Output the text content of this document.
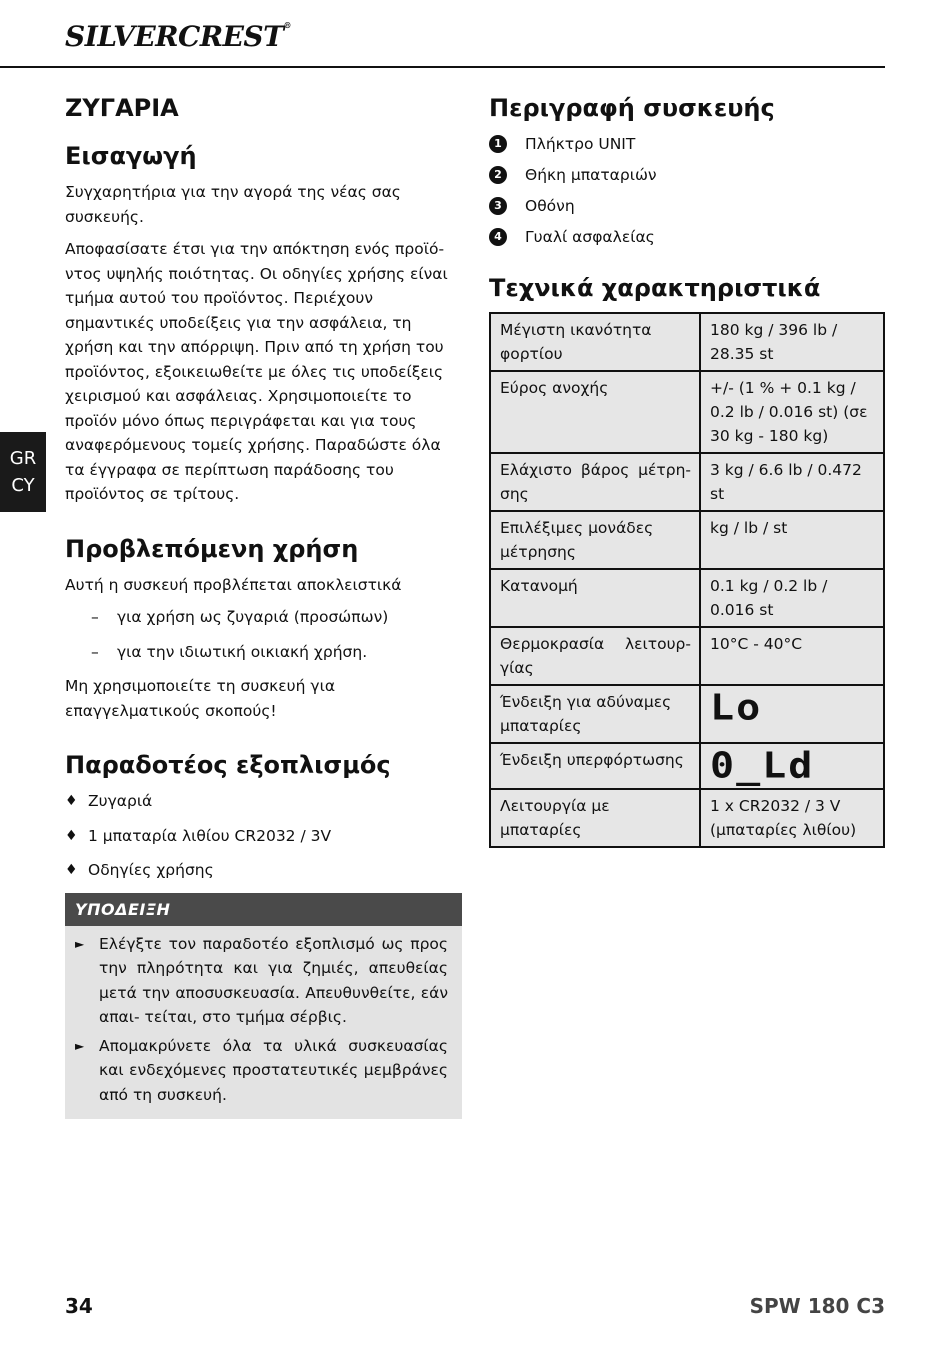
SILVERCREST®
GR
CY
ΖΥΓΑΡΙΑ
Εισαγωγή

Συγχαρητήρια για την αγορά της νέας σας συσκευής.

Αποφασίσατε έτσι για την απόκτηση ενός προϊό- ντος υψηλής ποιότητας. Οι οδηγίες χρήσης είναι τμήμα αυτού του προϊόντος. Περιέχουν σημαντικές υποδείξεις για την ασφάλεια, τη χρήση και την απόρριψη. Πριν από τη χρήση του προϊόντος, εξοικειωθείτε με όλες τις υποδείξεις χειρισμού και ασφάλειας. Χρησιμοποιείτε το προϊόν μόνο όπως περιγράφεται και για τους αναφερόμενους τομείς χρήσης. Παραδώστε όλα τα έγγραφα σε περίπτωση παράδοσης του προϊόντος σε τρίτους.

Προβλεπόμενη χρήση

Αυτή η συσκευή προβλέπεται αποκλειστικά

– για χρήση ως ζυγαριά (προσώπων)
– για την ιδιωτική οικιακή χρήση.

Μη χρησιμοποιείτε τη συσκευή για επαγγελματικούς σκοπούς!

Παραδοτέος εξοπλισμός
♦ Ζυγαριά
♦ 1 μπαταρία λιθίου CR2032 / 3V
♦ Οδηγίες χρήσης
ΥΠΟΔΕΙΞΗ
► Ελέγξτε τον παραδοτέο εξοπλισμό ως προς την πληρότητα και για ζημιές, απευθείας μετά την αποσυσκευασία. Απευθυνθείτε, εάν απαι- τείται, στο τμήμα σέρβις.
► Απομακρύνετε όλα τα υλικά συσκευασίας και ενδεχόμενες προστατευτικές μεμβράνες από τη συσκευή.
Περιγραφή συσκευής
1	Πλήκτρο UNIT
2	Θήκη μπαταριών
3	Οθόνη
4	Γυαλί ασφαλείας
Τεχνικά χαρακτηριστικά
Μέγιστη ικανότητα φορτίου	180 kg / 396 lb / 28.35 st
Εύρος ανοχής	+/- (1 % + 0.1 kg / 0.2 lb / 0.016 st) (σε 30 kg - 180 kg)
Ελάχιστο βάρος μέτρη- σης	3 kg / 6.6 lb / 0.472 st
Επιλέξιμες μονάδες μέτρησης	kg / lb / st
Κατανομή	0.1 kg / 0.2 lb / 0.016 st
Θερμοκρασία λειτουρ- γίας	10°C - 40°C
Ένδειξη για αδύναμες μπαταρίες	Lo
Ένδειξη υπερφόρτωσης	0_Ld
Λειτουργία με μπαταρίες	1 x CR2032 / 3 V (μπαταρίες λιθίου)
34	SPW 180 C3
